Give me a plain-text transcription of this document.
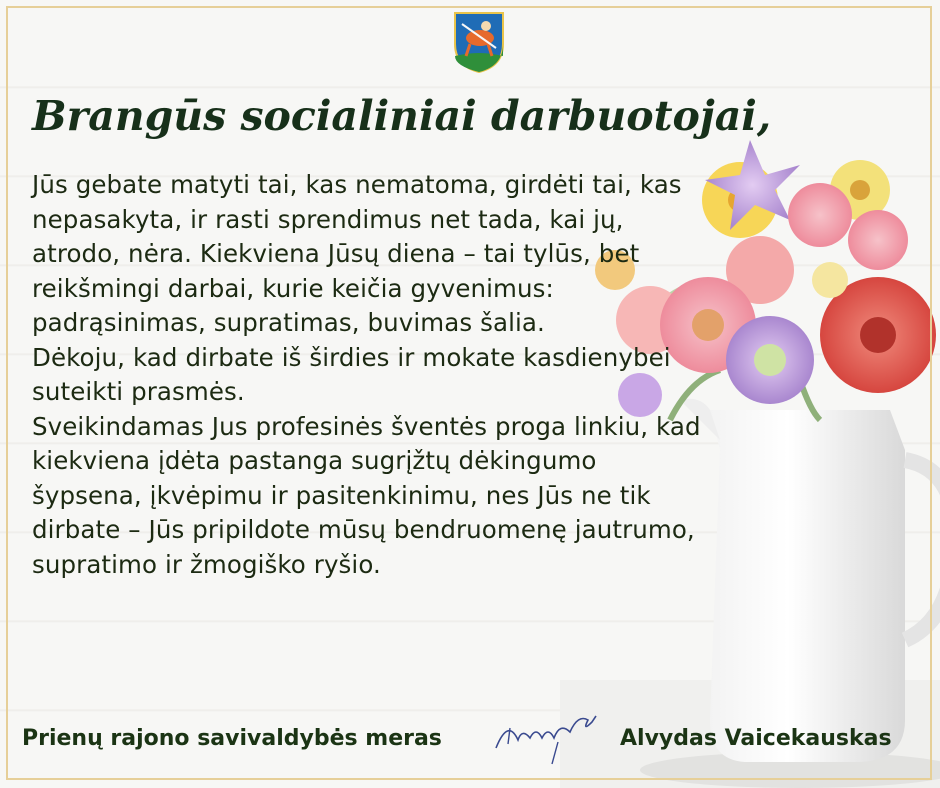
Brangūs socialiniai darbuotojai,
Jūs gebate matyti tai, kas nematoma, girdėti tai, kas
nepasakyta, ir rasti sprendimus net tada, kai jų,
atrodo, nėra. Kiekviena Jūsų diena – tai tylūs, bet
reikšmingi darbai, kurie keičia gyvenimus:
padrąsinimas, supratimas, buvimas šalia.
Dėkoju, kad dirbate iš širdies ir mokate kasdienybei
suteikti prasmės.
Sveikindamas Jus profesinės šventės proga linkiu, kad
kiekviena įdėta pastanga sugrįžtų dėkingumo
šypsena, įkvėpimu ir pasitenkinimu, nes Jūs ne tik
dirbate – Jūs pripildote mūsų bendruomenę jautrumo,
supratimo ir žmogiško ryšio.
Prienų rajono savivaldybės meras	Alvydas Vaicekauskas
